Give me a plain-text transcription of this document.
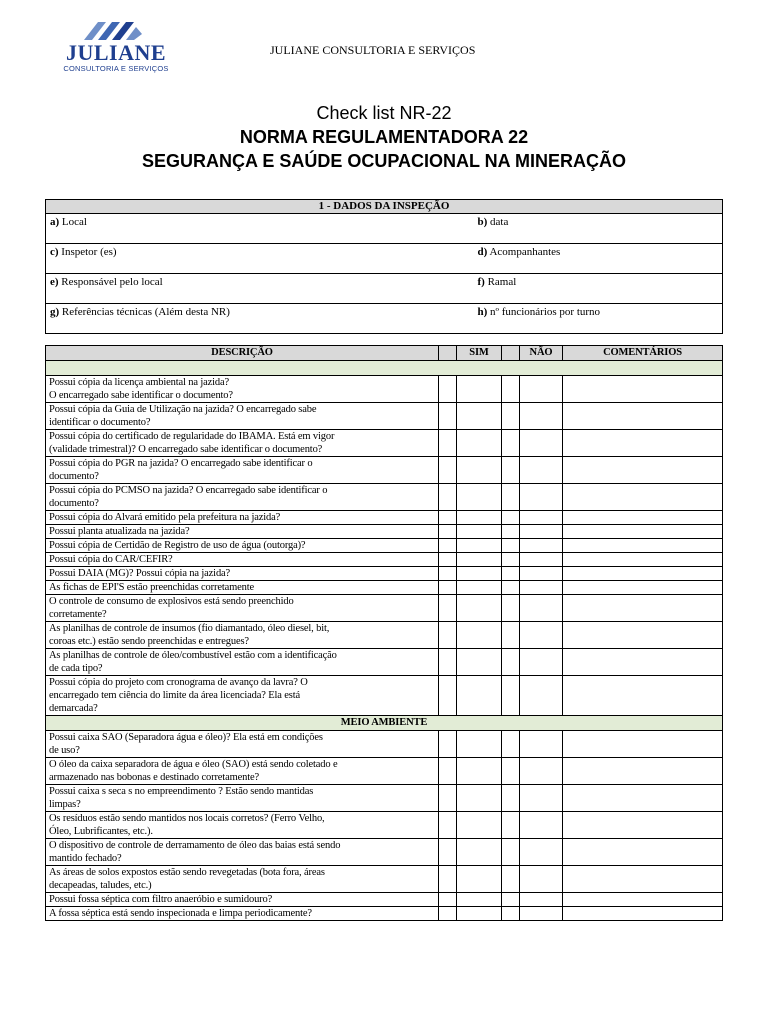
JULIANE
CONSULTORIA E SERVIÇOS
JULIANE CONSULTORIA E SERVIÇOS
Check list NR-22
NORMA REGULAMENTADORA 22
SEGURANÇA E SAÚDE OCUPACIONAL NA MINERAÇÃO
1 - DADOS DA INSPEÇÃO	
a) Local	b) data
c) Inspetor (es)	d) Acompanhantes
e) Responsável pelo local	f) Ramal
g) Referências técnicas (Além desta NR)	h) nº funcionários por turno
DESCRIÇÃO		SIM		NÃO	COMENTÁRIOS

Possui cópia da licença ambiental na jazida?
O encarregado sabe identificar o documento?					

Possui cópia da Guia de Utilização na jazida? O encarregado sabe
identificar o documento?					

Possui cópia do certificado de regularidade do IBAMA. Está em vigor
(validade trimestral)? O encarregado sabe identificar o documento?					

Possui cópia do PGR na jazida? O encarregado sabe identificar o
documento?					

Possui cópia do PCMSO na jazida? O encarregado sabe identificar o
documento?					

Possui cópia do Alvará emitido pela prefeitura na jazida?					

Possui planta atualizada na jazida?					

Possui cópia de Certidão de Registro de uso de água (outorga)?					

Possui cópia do CAR/CEFIR?					

Possui DAIA (MG)? Possui cópia na jazida?					

As fichas de EPI'S estão preenchidas corretamente					

O controle de consumo de explosivos está sendo preenchido
corretamente?					

As planilhas de controle de insumos (fio diamantado, óleo diesel, bit,
coroas etc.) estão sendo preenchidas e entregues?					

As planilhas de controle de óleo/combustível estão com a identificação
de cada tipo?					

Possui cópia do projeto com cronograma de avanço da lavra? O
encarregado tem ciência do limite da área licenciada? Ela está
demarcada?					

MEIO AMBIENTE					

Possui caixa SAO (Separadora água e óleo)? Ela está em condições
de uso?					

O óleo da caixa separadora de água e óleo (SAO) está sendo coletado e
armazenado nas bobonas e destinado corretamente?					

Possui caixa s seca s no empreendimento ? Estão sendo mantidas
limpas?					

Os resíduos estão sendo mantidos nos locais corretos? (Ferro Velho,
Óleo, Lubrificantes, etc.).					

O dispositivo de controle de derramamento de óleo das baias está sendo
mantido fechado?					

As áreas de solos expostos estão sendo revegetadas (bota fora, áreas
decapeadas, taludes, etc.)					

Possui fossa séptica com filtro anaeróbio e sumidouro?					

A fossa séptica está sendo inspecionada e limpa periodicamente?					
